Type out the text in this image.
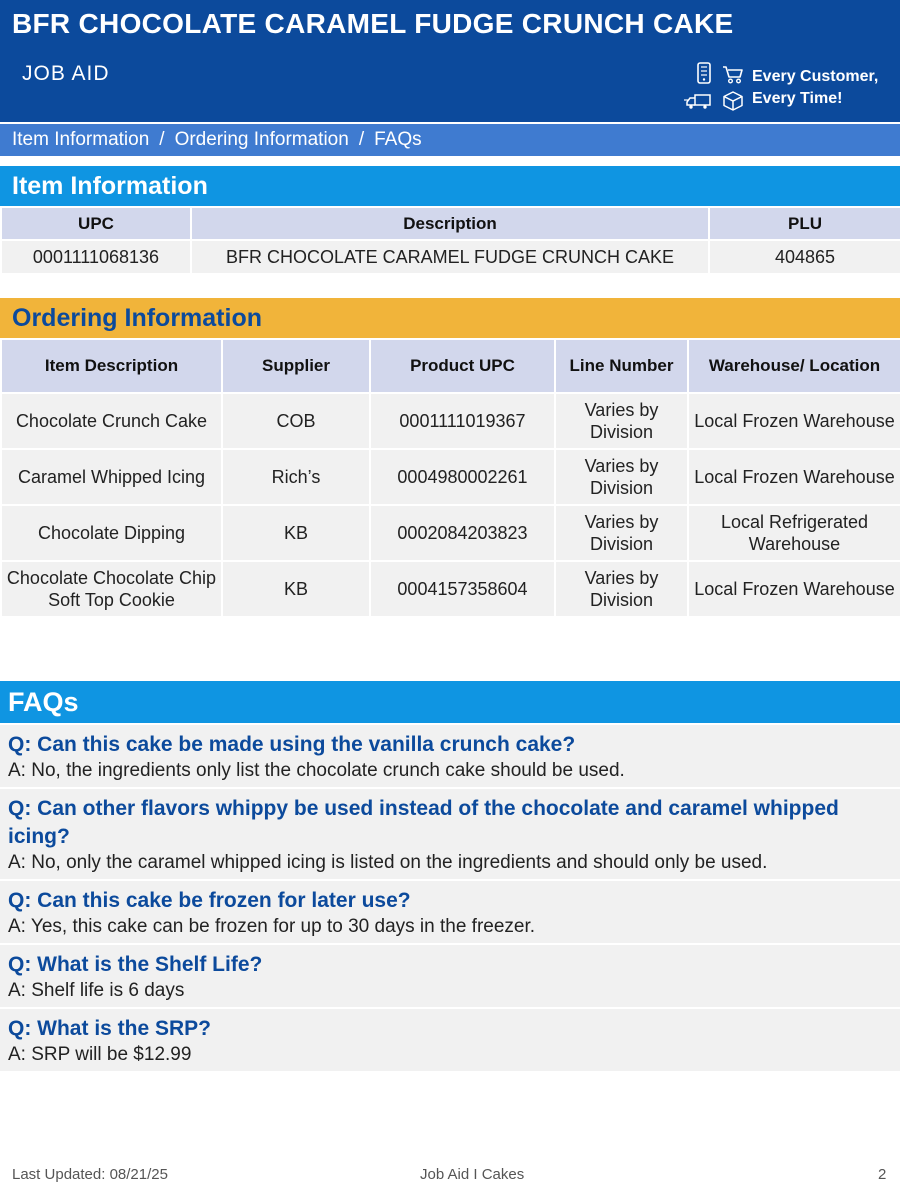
BFR CHOCOLATE CARAMEL FUDGE CRUNCH CAKE
JOB AID	Every Customer,
Every Time!
Item Information / Ordering Information / FAQs
Item Information
UPC	Description	PLU
0001111068136	BFR CHOCOLATE CARAMEL FUDGE CRUNCH CAKE	404865
Ordering Information
Item Description	Supplier	Product UPC	Line Number	Warehouse/ Location
Chocolate Crunch Cake	COB	0001111019367	Varies by Division	Local Frozen Warehouse
Caramel Whipped Icing	Rich’s	0004980002261	Varies by Division	Local Frozen Warehouse
Chocolate Dipping	KB	0002084203823	Varies by Division	Local Refrigerated Warehouse
Chocolate Chocolate Chip Soft Top Cookie	KB	0004157358604	Varies by Division	Local Frozen Warehouse
FAQs
Q: Can this cake be made using the vanilla crunch cake?
A: No, the ingredients only list the chocolate crunch cake should be used.
Q: Can other flavors whippy be used instead of the chocolate and caramel whipped icing?
A: No, only the caramel whipped icing is listed on the ingredients and should only be used.
Q: Can this cake be frozen for later use?
A: Yes, this cake can be frozen for up to 30 days in the freezer.
Q: What is the Shelf Life?
A: Shelf life is 6 days
Q: What is the SRP?
A: SRP will be $12.99
Last Updated: 08/21/25	Job Aid I Cakes	2
